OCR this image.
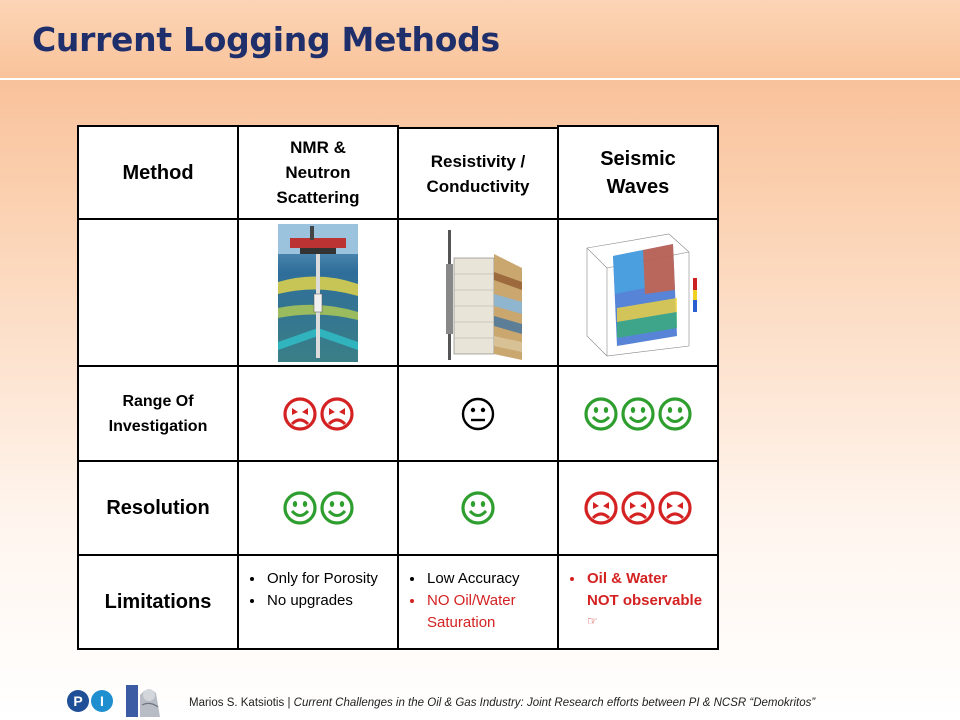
Current Logging Methods
Method
NMR &
Neutron
Scattering
Resistivity /
Conductivity
Seismic
Waves
Range Of
Investigation
Resolution
Limitations
• Only for Porosity
• No upgrades
• Low Accuracy
• NO Oil/Water Saturation
• Oil & Water
NOT observable
☞
P I	Marios S. Katsiotis | Current Challenges in the Oil & Gas Industry: Joint Research efforts between PI & NCSR “Demokritos”
